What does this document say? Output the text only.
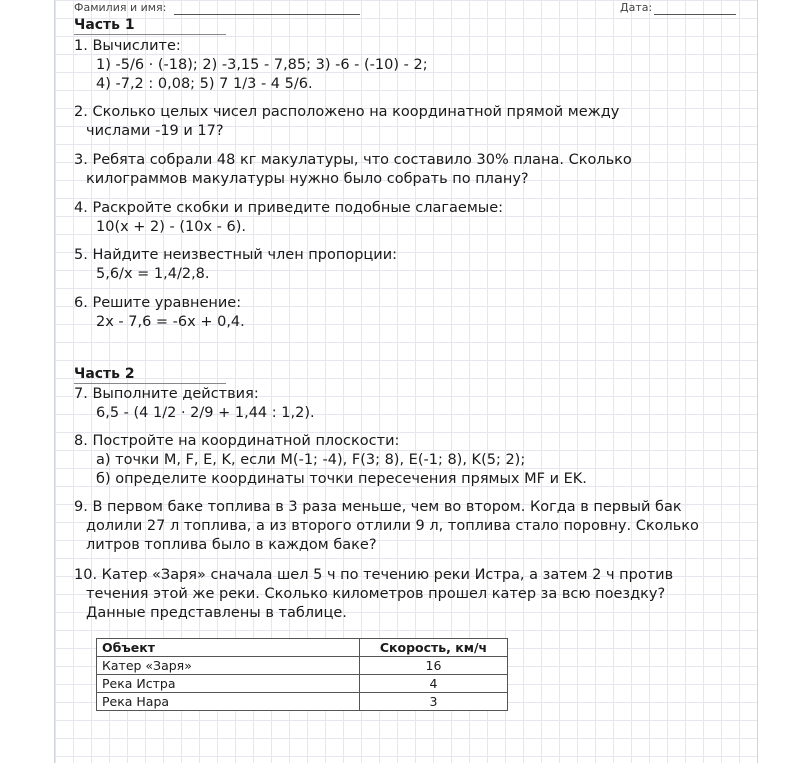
Фамилия и имя:	Дата:
Часть 1
1. Вычислите:
1) -5/6 · (-18); 2) -3,15 - 7,85; 3) -6 - (-10) - 2;
4) -7,2 : 0,08; 5) 7 1/3 - 4 5/6.
2. Сколько целых чисел расположено на координатной прямой между
числами -19 и 17?
3. Ребята собрали 48 кг макулатуры, что составило 30% плана. Сколько
килограммов макулатуры нужно было собрать по плану?
4. Раскройте скобки и приведите подобные слагаемые:
10(x + 2) - (10x - 6).
5. Найдите неизвестный член пропорции:
5,6/x = 1,4/2,8.
6. Решите уравнение:
2x - 7,6 = -6x + 0,4.
Часть 2
7. Выполните действия:
6,5 - (4 1/2 · 2/9 + 1,44 : 1,2).
8. Постройте на координатной плоскости:
а) точки M, F, E, K, если M(-1; -4), F(3; 8), E(-1; 8), K(5; 2);
б) определите координаты точки пересечения прямых MF и EK.
9. В первом баке топлива в 3 раза меньше, чем во втором. Когда в первый бак
долили 27 л топлива, а из второго отлили 9 л, топлива стало поровну. Сколько
литров топлива было в каждом баке?
10. Катер «Заря» сначала шел 5 ч по течению реки Истра, а затем 2 ч против
течения этой же реки. Сколько километров прошел катер за всю поездку?
Данные представлены в таблице.
Объект	Скорость, км/ч
Катер «Заря»	16
Река Истра	4
Река Нара	3
